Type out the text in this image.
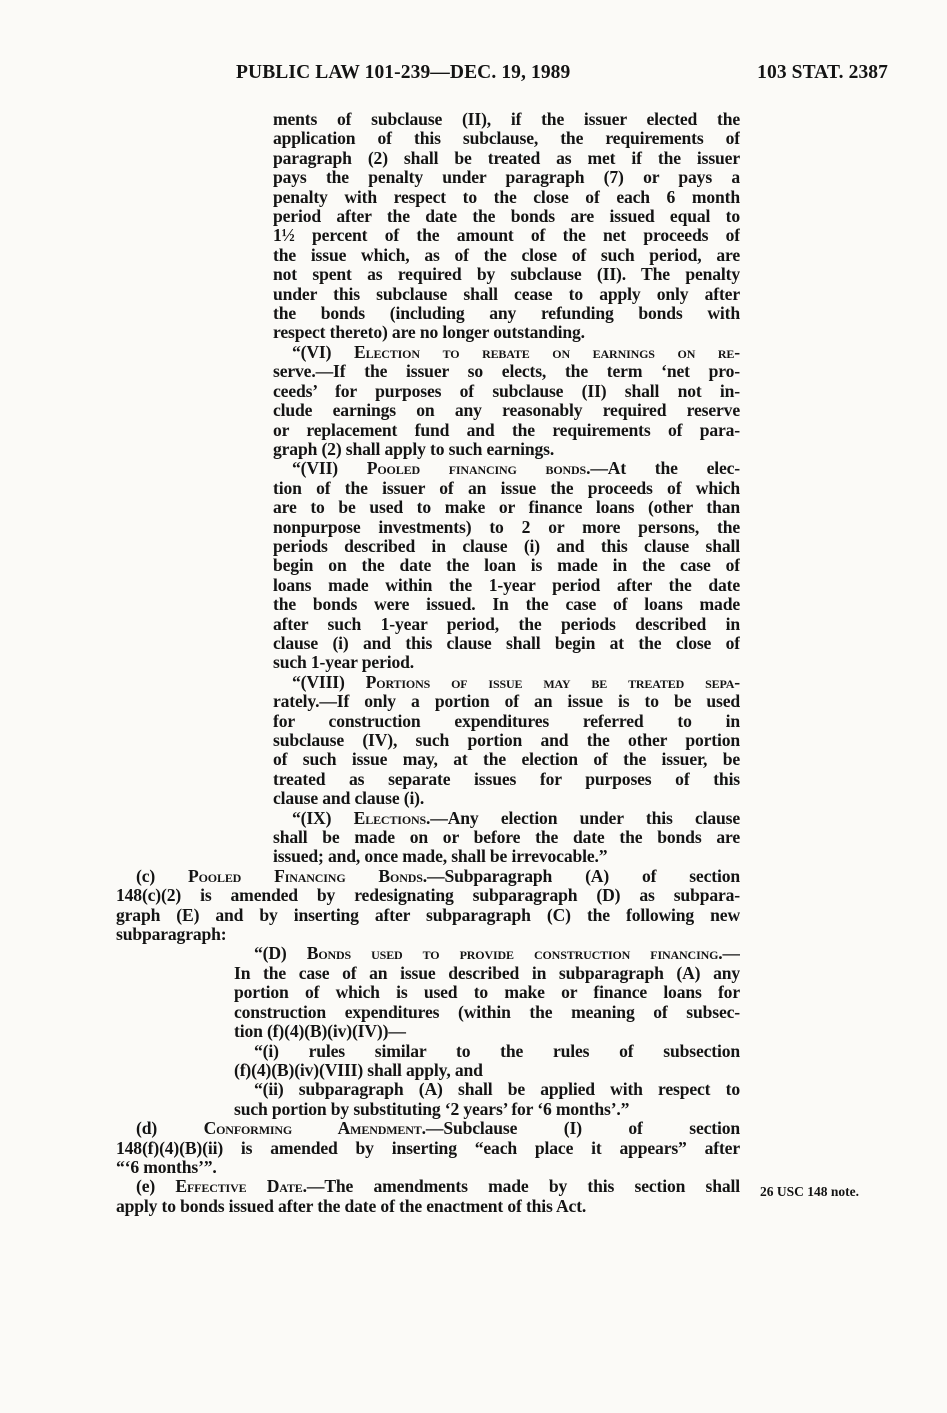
PUBLIC LAW 101-239—DEC. 19, 1989	103 STAT. 2387
ments of subclause (II), if the issuer elected the
application of this subclause, the requirements of
paragraph (2) shall be treated as met if the issuer
pays the penalty under paragraph (7) or pays a
penalty with respect to the close of each 6 month
period after the date the bonds are issued equal to
1½ percent of the amount of the net proceeds of
the issue which, as of the close of such period, are
not spent as required by subclause (II). The penalty
under this subclause shall cease to apply only after
the bonds (including any refunding bonds with
respect thereto) are no longer outstanding.
“(VI) Election to rebate on earnings on re-
serve.—If the issuer so elects, the term ‘net pro-
ceeds’ for purposes of subclause (II) shall not in-
clude earnings on any reasonably required reserve
or replacement fund and the requirements of para-
graph (2) shall apply to such earnings.
“(VII) Pooled financing bonds.—At the elec-
tion of the issuer of an issue the proceeds of which
are to be used to make or finance loans (other than
nonpurpose investments) to 2 or more persons, the
periods described in clause (i) and this clause shall
begin on the date the loan is made in the case of
loans made within the 1-year period after the date
the bonds were issued. In the case of loans made
after such 1-year period, the periods described in
clause (i) and this clause shall begin at the close of
such 1-year period.
“(VIII) Portions of issue may be treated sepa-
rately.—If only a portion of an issue is to be used
for construction expenditures referred to in
subclause (IV), such portion and the other portion
of such issue may, at the election of the issuer, be
treated as separate issues for purposes of this
clause and clause (i).
“(IX) Elections.—Any election under this clause
shall be made on or before the date the bonds are
issued; and, once made, shall be irrevocable.”
(c) Pooled Financing Bonds.—Subparagraph (A) of section
148(c)(2) is amended by redesignating subparagraph (D) as subpara-
graph (E) and by inserting after subparagraph (C) the following new
subparagraph:
“(D) Bonds used to provide construction financing.—
In the case of an issue described in subparagraph (A) any
portion of which is used to make or finance loans for
construction expenditures (within the meaning of subsec-
tion (f)(4)(B)(iv)(IV))—
“(i) rules similar to the rules of subsection
(f)(4)(B)(iv)(VIII) shall apply, and
“(ii) subparagraph (A) shall be applied with respect to
such portion by substituting ‘2 years’ for ‘6 months’.”
(d) Conforming Amendment.—Subclause (I) of section
148(f)(4)(B)(ii) is amended by inserting “each place it appears” after
“‘6 months’”.
(e) Effective Date.—The amendments made by this section shall
apply to bonds issued after the date of the enactment of this Act.
26 USC 148 note.
